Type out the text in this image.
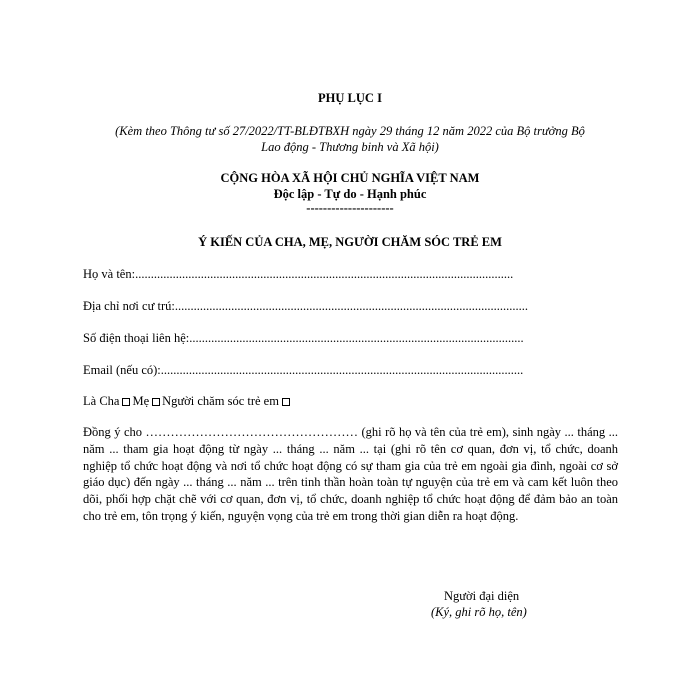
PHỤ LỤC I
(Kèm theo Thông tư số 27/2022/TT-BLĐTBXH ngày 29 tháng 12 năm 2022 của Bộ trưởng Bộ
Lao động - Thương binh và Xã hội)
CỘNG HÒA XÃ HỘI CHỦ NGHĨA VIỆT NAM
Độc lập - Tự do - Hạnh phúc
---------------------
Ý KIẾN CỦA CHA, MẸ, NGƯỜI CHĂM SÓC TRẺ EM
Họ và tên:.........................................................................................................................
Địa chỉ nơi cư trú:.................................................................................................................
Số điện thoại liên hệ:...........................................................................................................
Email (nếu có):....................................................................................................................
Là Cha Mẹ Người chăm sóc trẻ em
Đồng ý cho …………………………………………… (ghi rõ họ và tên của trẻ em), sinh ngày ... tháng ... năm ... tham gia hoạt động từ ngày ... tháng ... năm ... tại (ghi rõ tên cơ quan, đơn vị, tổ chức, doanh nghiệp tổ chức hoạt động và nơi tổ chức hoạt động có sự tham gia của trẻ em ngoài gia đình, ngoài cơ sở giáo dục) đến ngày ... tháng ... năm ... trên tinh thần hoàn toàn tự nguyện của trẻ em và cam kết luôn theo dõi, phối hợp chặt chẽ với cơ quan, đơn vị, tổ chức, doanh nghiệp tổ chức hoạt động để đảm bảo an toàn cho trẻ em, tôn trọng ý kiến, nguyện vọng của trẻ em trong thời gian diễn ra hoạt động.
Người đại diện
(Ký, ghi rõ họ, tên)
